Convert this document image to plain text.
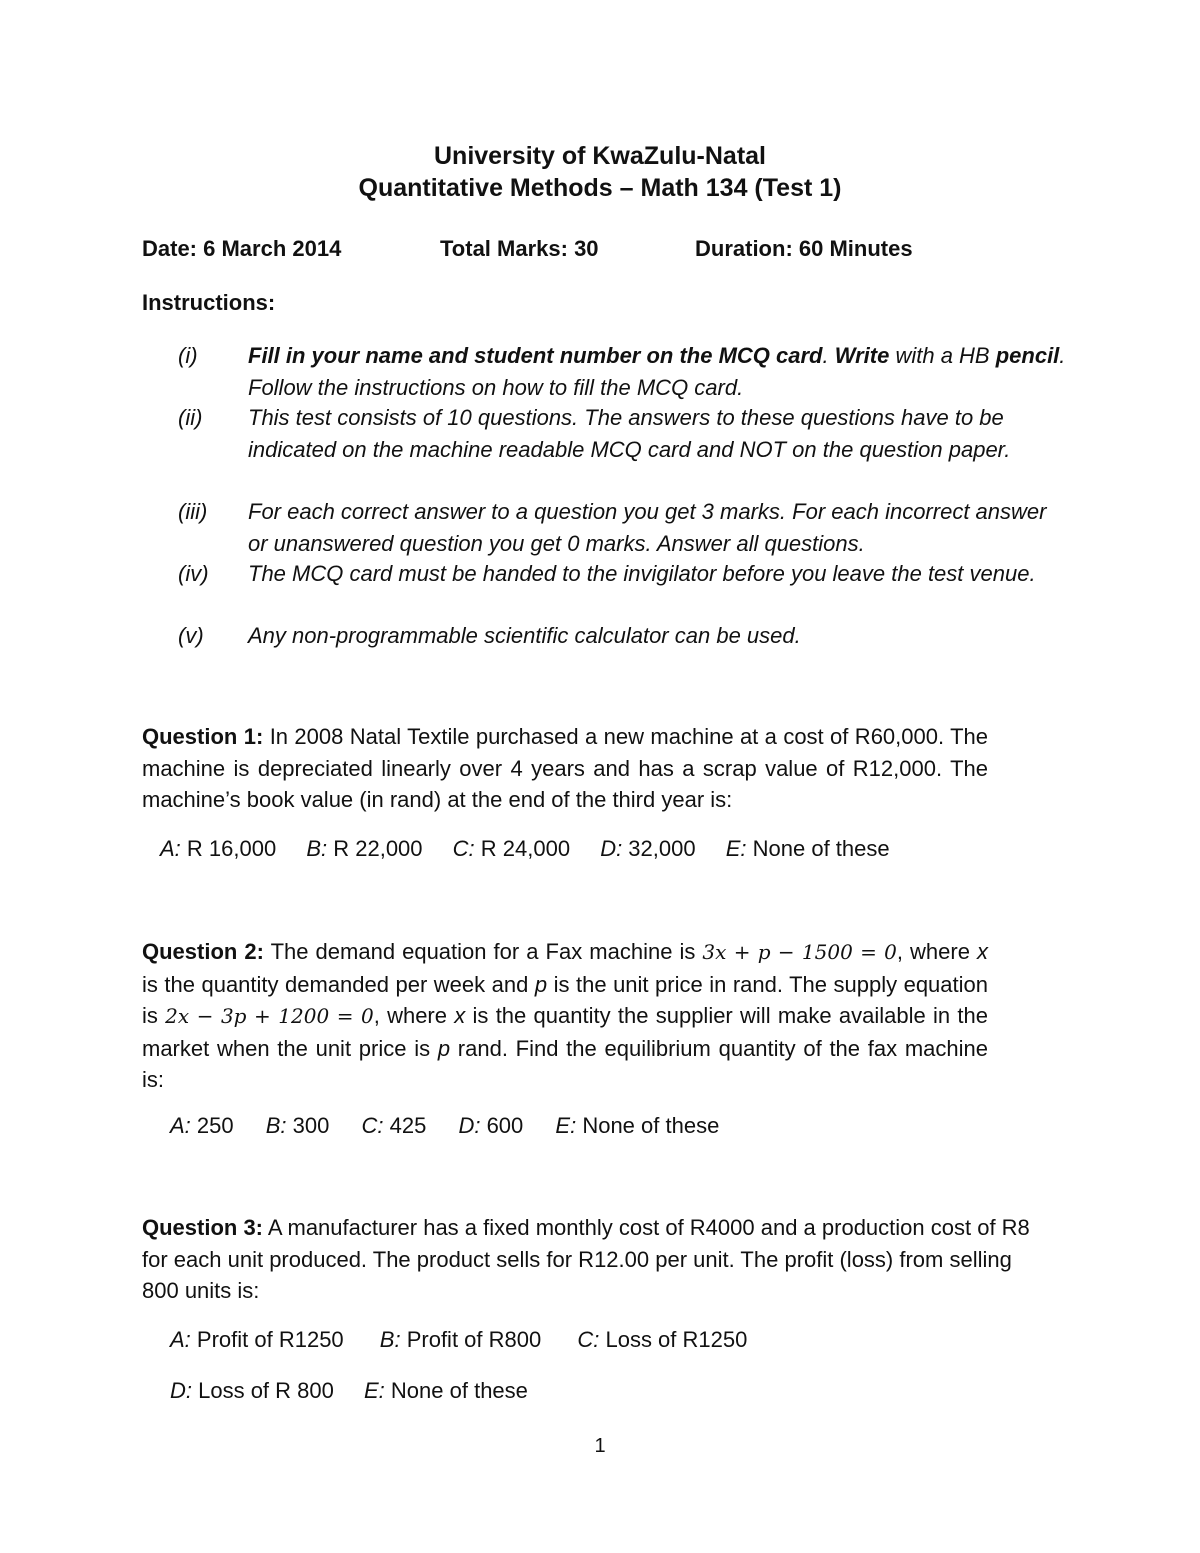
University of KwaZulu-Natal
Quantitative Methods – Math 134 (Test 1)
Date: 6 March 2014	Total Marks: 30	Duration: 60 Minutes
Instructions:
(i) Fill in your name and student number on the MCQ card. Write with a HB pencil. Follow the instructions on how to fill the MCQ card.
(ii) This test consists of 10 questions. The answers to these questions have to be indicated on the machine readable MCQ card and NOT on the question paper.
(iii) For each correct answer to a question you get 3 marks. For each incorrect answer or unanswered question you get 0 marks. Answer all questions.
(iv) The MCQ card must be handed to the invigilator before you leave the test venue.
(v) Any non-programmable scientific calculator can be used.
Question 1: In 2008 Natal Textile purchased a new machine at a cost of R60,000. The machine is depreciated linearly over 4 years and has a scrap value of R12,000. The machine’s book value (in rand) at the end of the third year is:
A: R 16,000 B: R 22,000 C: R 24,000 D: 32,000 E: None of these
Question 2: The demand equation for a Fax machine is 3x + p − 1500 = 0, where x is the quantity demanded per week and p is the unit price in rand. The supply equation is 2x − 3p + 1200 = 0, where x is the quantity the supplier will make available in the market when the unit price is p rand. Find the equilibrium quantity of the fax machine is:
A: 250 B: 300 C: 425 D: 600 E: None of these
Question 3: A manufacturer has a fixed monthly cost of R4000 and a production cost of R8 for each unit produced. The product sells for R12.00 per unit. The profit (loss) from selling 800 units is:
A: Profit of R1250 B: Profit of R800 C: Loss of R1250
D: Loss of R 800 E: None of these
1
